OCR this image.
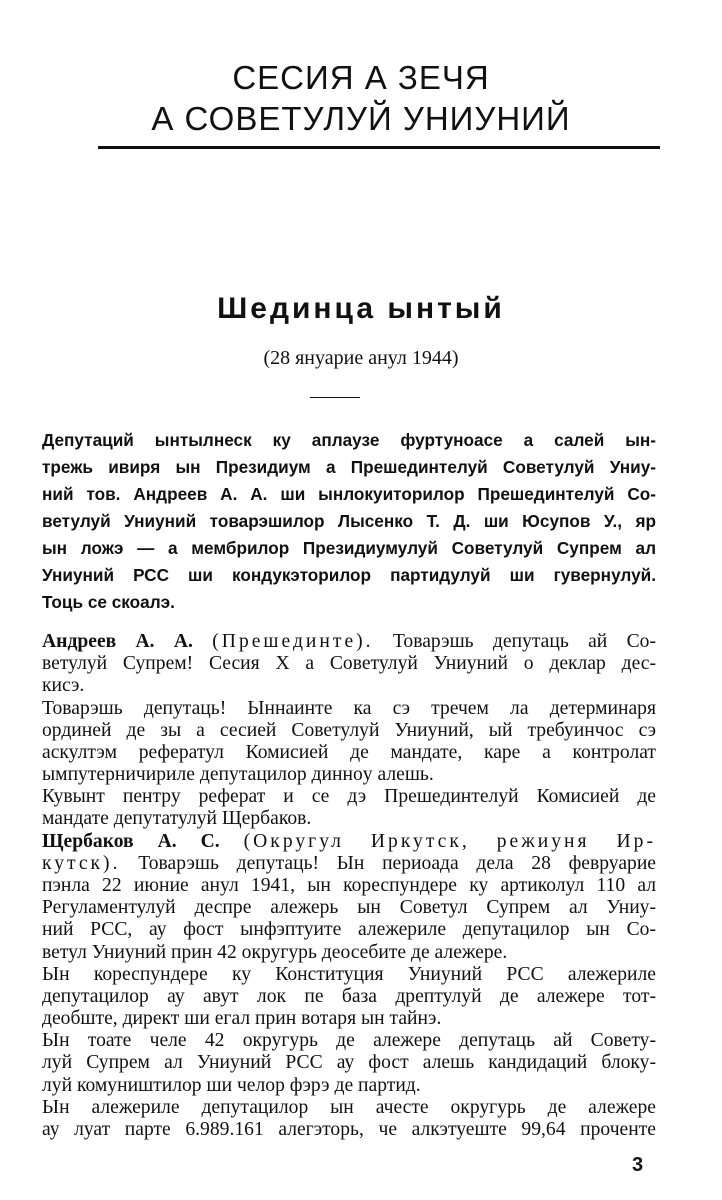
СЕСИЯ А ЗЕЧЯ
А СОВЕТУЛУЙ УНИУНИЙ
Шединца ынтый
(28 януарие анул 1944)
Депутаций ынтылнеск ку аплаузе фуртуноасе а салей ын-
трежь ивиря ын Президиум а Прешединтелуй Советулуй Униу-
ний тов. Андреев А. А. ши ынлокуиторилор Прешединтелуй Со-
ветулуй Униуний товарэшилор Лысенко Т. Д. ши Юсупов У., яр
ын ложэ — а мембрилор Президиумулуй Советулуй Супрем ал
Униуний РСС ши кондукэторилор партидулуй ши гувернулуй.
Тоць се скоалэ.
Андреев А. А. (Прешединте). Товарэшь депутаць ай Со-
ветулуй Супрем! Сесия Х а Советулуй Униуний о деклар дес-
кисэ.
Товарэшь депутаць! Ыннаинте ка сэ тречем ла детерминаря
ординей де зы а сесией Советулуй Униуний, ый требуинчос сэ
аскултэм рефератул Комисией де мандате, каре а контролат
ымпутерничириле депутацилор диннoу алешь.
Кувынт пентру реферат и се дэ Прешединтелуй Комисией де
мандате депутатулуй Щербаков.
Щербаков А. С. (Округул Иркутск, режиуня Ир-
кутск). Товарэшь депутаць! Ын периоада дела 28 февруарие
пэнла 22 июние анул 1941, ын кореспундере ку артиколул 110 ал
Регуламентулуй деспре алежерь ын Советул Супрем ал Униу-
ний РСС, ау фост ынфэптуите алежериле депутацилор ын Со-
ветул Униуний прин 42 округурь деосебите де алежере.
Ын кореспундере ку Конституция Униуний РСС алежериле
депутацилор ау авут лок пе база дрептулуй де алежере тот-
деобште, директ ши егал прин вотаря ын тайнэ.
Ын тоате челе 42 округурь де алежере депутаць ай Совету-
луй Супрем ал Униуний РСС ау фост алешь кандидаций блоку-
луй комуништилор ши челор фэрэ де партид.
3
Ын алежериле депутацилор ын ачесте округурь де алежере
ау луат парте 6.989.161 алегэторь, че алкэтуеште 99,64 проченте
